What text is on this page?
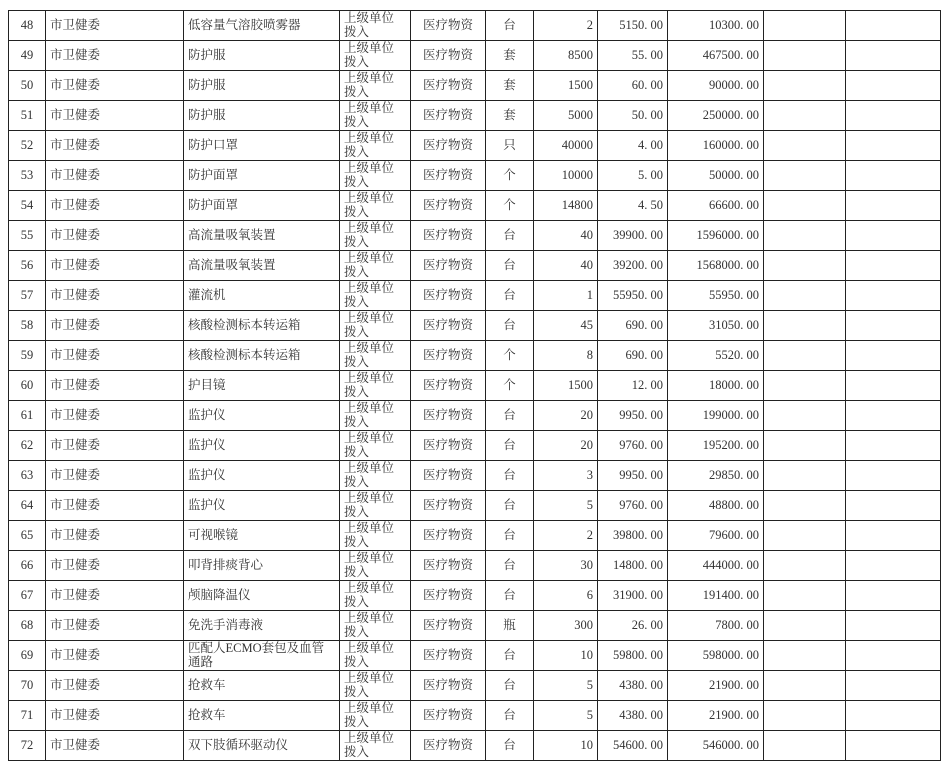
48	市卫健委	低容量气溶胶喷雾器	上级单位拨入	医疗物资	台	2	5150. 00	10300. 00		
49	市卫健委	防护服	上级单位拨入	医疗物资	套	8500	55. 00	467500. 00		
50	市卫健委	防护服	上级单位拨入	医疗物资	套	1500	60. 00	90000. 00		
51	市卫健委	防护服	上级单位拨入	医疗物资	套	5000	50. 00	250000. 00		
52	市卫健委	防护口罩	上级单位拨入	医疗物资	只	40000	4. 00	160000. 00		
53	市卫健委	防护面罩	上级单位拨入	医疗物资	个	10000	5. 00	50000. 00		
54	市卫健委	防护面罩	上级单位拨入	医疗物资	个	14800	4. 50	66600. 00		
55	市卫健委	高流量吸氧装置	上级单位拨入	医疗物资	台	40	39900. 00	1596000. 00		
56	市卫健委	高流量吸氧装置	上级单位拨入	医疗物资	台	40	39200. 00	1568000. 00		
57	市卫健委	灌流机	上级单位拨入	医疗物资	台	1	55950. 00	55950. 00		
58	市卫健委	核酸检测标本转运箱	上级单位拨入	医疗物资	台	45	690. 00	31050. 00		
59	市卫健委	核酸检测标本转运箱	上级单位拨入	医疗物资	个	8	690. 00	5520. 00		
60	市卫健委	护目镜	上级单位拨入	医疗物资	个	1500	12. 00	18000. 00		
61	市卫健委	监护仪	上级单位拨入	医疗物资	台	20	9950. 00	199000. 00		
62	市卫健委	监护仪	上级单位拨入	医疗物资	台	20	9760. 00	195200. 00		
63	市卫健委	监护仪	上级单位拨入	医疗物资	台	3	9950. 00	29850. 00		
64	市卫健委	监护仪	上级单位拨入	医疗物资	台	5	9760. 00	48800. 00		
65	市卫健委	可视喉镜	上级单位拨入	医疗物资	台	2	39800. 00	79600. 00		
66	市卫健委	叩背排痰背心	上级单位拨入	医疗物资	台	30	14800. 00	444000. 00		
67	市卫健委	颅脑降温仪	上级单位拨入	医疗物资	台	6	31900. 00	191400. 00		
68	市卫健委	免洗手消毒液	上级单位拨入	医疗物资	瓶	300	26. 00	7800. 00		
69	市卫健委	匹配人ECMO套包及血管通路	上级单位拨入	医疗物资	台	10	59800. 00	598000. 00		
70	市卫健委	抢救车	上级单位拨入	医疗物资	台	5	4380. 00	21900. 00		
71	市卫健委	抢救车	上级单位拨入	医疗物资	台	5	4380. 00	21900. 00		
72	市卫健委	双下肢循环驱动仪	上级单位拨入	医疗物资	台	10	54600. 00	546000. 00		
